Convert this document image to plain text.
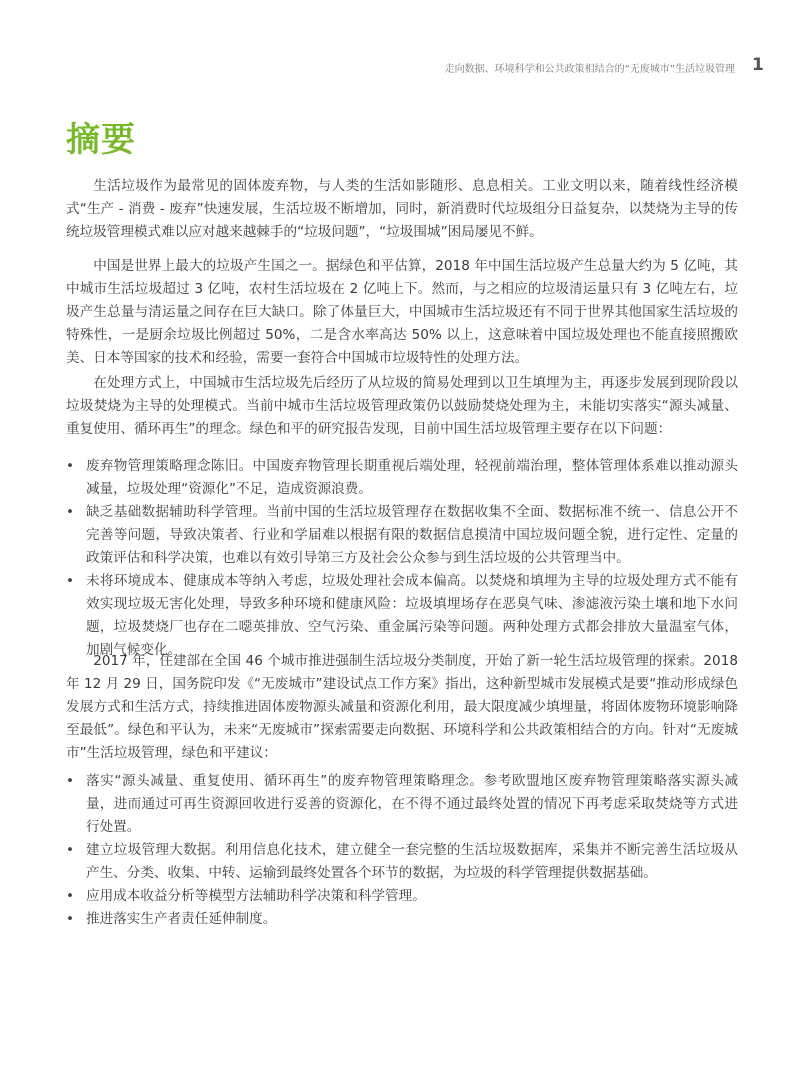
走向数据、环境科学和公共政策相结合的“无废城市”生活垃圾管理 1
摘要

生活垃圾作为最常见的固体废弃物，与人类的生活如影随形、息息相关。工业文明以来，随着线性经济模式“生产 - 消费 - 废弃”快速发展，生活垃圾不断增加，同时，新消费时代垃圾组分日益复杂，以焚烧为主导的传统垃圾管理模式难以应对越来越棘手的“垃圾问题”，“垃圾围城”困局屡见不鲜。

中国是世界上最大的垃圾产生国之一。据绿色和平估算，2018 年中国生活垃圾产生总量大约为 5 亿吨，其中城市生活垃圾超过 3 亿吨，农村生活垃圾在 2 亿吨上下。然而，与之相应的垃圾清运量只有 3 亿吨左右，垃圾产生总量与清运量之间存在巨大缺口。除了体量巨大，中国城市生活垃圾还有不同于世界其他国家生活垃圾的特殊性，一是厨余垃圾比例超过 50%，二是含水率高达 50% 以上，这意味着中国垃圾处理也不能直接照搬欧美、日本等国家的技术和经验，需要一套符合中国城市垃圾特性的处理方法。

在处理方式上，中国城市生活垃圾先后经历了从垃圾的简易处理到以卫生填埋为主，再逐步发展到现阶段以垃圾焚烧为主导的处理模式。当前中城市生活垃圾管理政策仍以鼓励焚烧处理为主，未能切实落实“源头减量、重复使用、循环再生”的理念。绿色和平的研究报告发现，目前中国生活垃圾管理主要存在以下问题：

• 废弃物管理策略理念陈旧。中国废弃物管理长期重视后端处理，轻视前端治理，整体管理体系难以推动源头减量，垃圾处理“资源化”不足，造成资源浪费。
• 缺乏基础数据辅助科学管理。当前中国的生活垃圾管理存在数据收集不全面、数据标准不统一、信息公开不完善等问题，导致决策者、行业和学届难以根据有限的数据信息摸清中国垃圾问题全貌，进行定性、定量的政策评估和科学决策，也难以有效引导第三方及社会公众参与到生活垃圾的公共管理当中。
• 未将环境成本、健康成本等纳入考虑，垃圾处理社会成本偏高。以焚烧和填埋为主导的垃圾处理方式不能有效实现垃圾无害化处理，导致多种环境和健康风险：垃圾填埋场存在恶臭气味、渗滤液污染土壤和地下水问题，垃圾焚烧厂也存在二噁英排放、空气污染、重金属污染等问题。两种处理方式都会排放大量温室气体，加剧气候变化。

2017 年，住建部在全国 46 个城市推进强制生活垃圾分类制度，开始了新一轮生活垃圾管理的探索。2018 年 12 月 29 日，国务院印发《“无废城市”建设试点工作方案》指出，这种新型城市发展模式是要“推动形成绿色发展方式和生活方式，持续推进固体废物源头减量和资源化利用，最大限度减少填埋量，将固体废物环境影响降至最低”。绿色和平认为，未来“无废城市”探索需要走向数据、环境科学和公共政策相结合的方向。针对“无废城市”生活垃圾管理，绿色和平建议：

• 落实“源头减量、重复使用、循环再生”的废弃物管理策略理念。参考欧盟地区废弃物管理策略落实源头减量，进而通过可再生资源回收进行妥善的资源化，在不得不通过最终处置的情况下再考虑采取焚烧等方式进行处置。
• 建立垃圾管理大数据。利用信息化技术，建立健全一套完整的生活垃圾数据库，采集并不断完善生活垃圾从产生、分类、收集、中转、运输到最终处置各个环节的数据，为垃圾的科学管理提供数据基础。
• 应用成本收益分析等模型方法辅助科学决策和科学管理。
• 推进落实生产者责任延伸制度。
